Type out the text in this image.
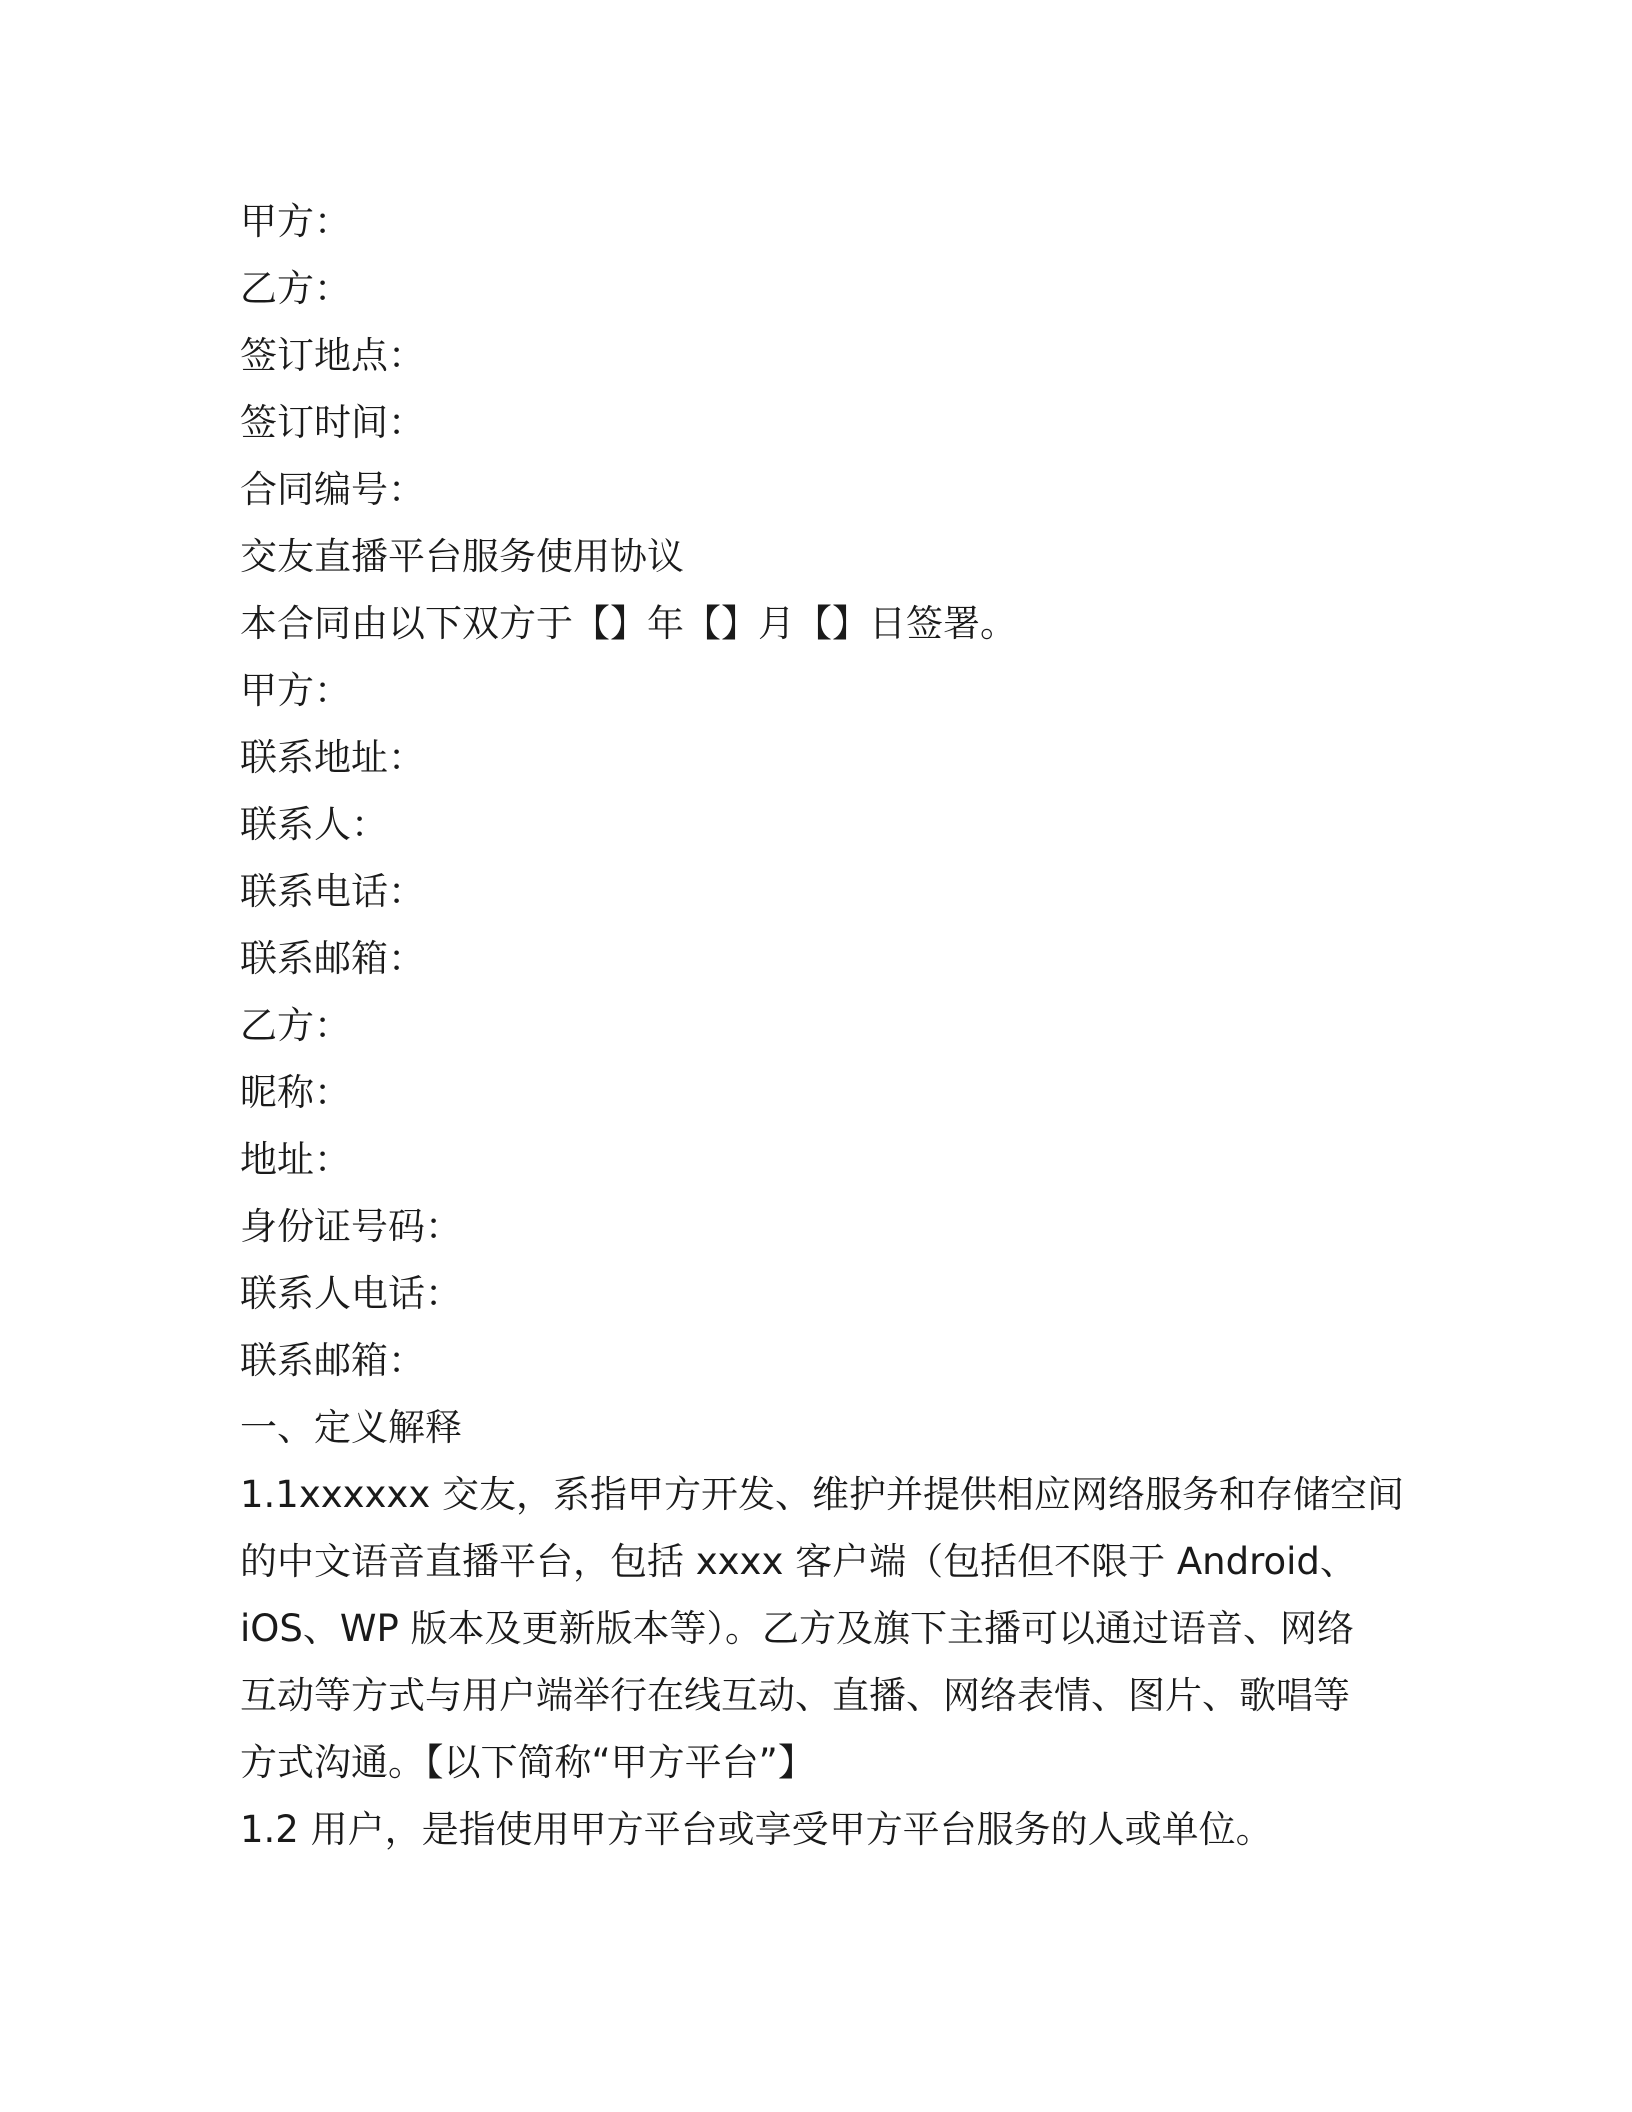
甲方：
乙方：
签订地点：
签订时间：
合同编号：
交友直播平台服务使用协议
本合同由以下双方于【】年【】月【】日签署。
甲方：
联系地址：
联系人：
联系电话：
联系邮箱：
乙方：
昵称：
地址：
身份证号码：
联系人电话：
联系邮箱：
一、定义解释
1.1xxxxxx 交友，系指甲方开发、维护并提供相应网络服务和存储空间
的中文语音直播平台，包括 xxxx 客户端（包括但不限于 Android、
iOS、WP 版本及更新版本等）。乙方及旗下主播可以通过语音、网络
互动等方式与用户端举行在线互动、直播、网络表情、图片、歌唱等
方式沟通。【以下简称“甲方平台”】
1.2 用户，是指使用甲方平台或享受甲方平台服务的人或单位。
